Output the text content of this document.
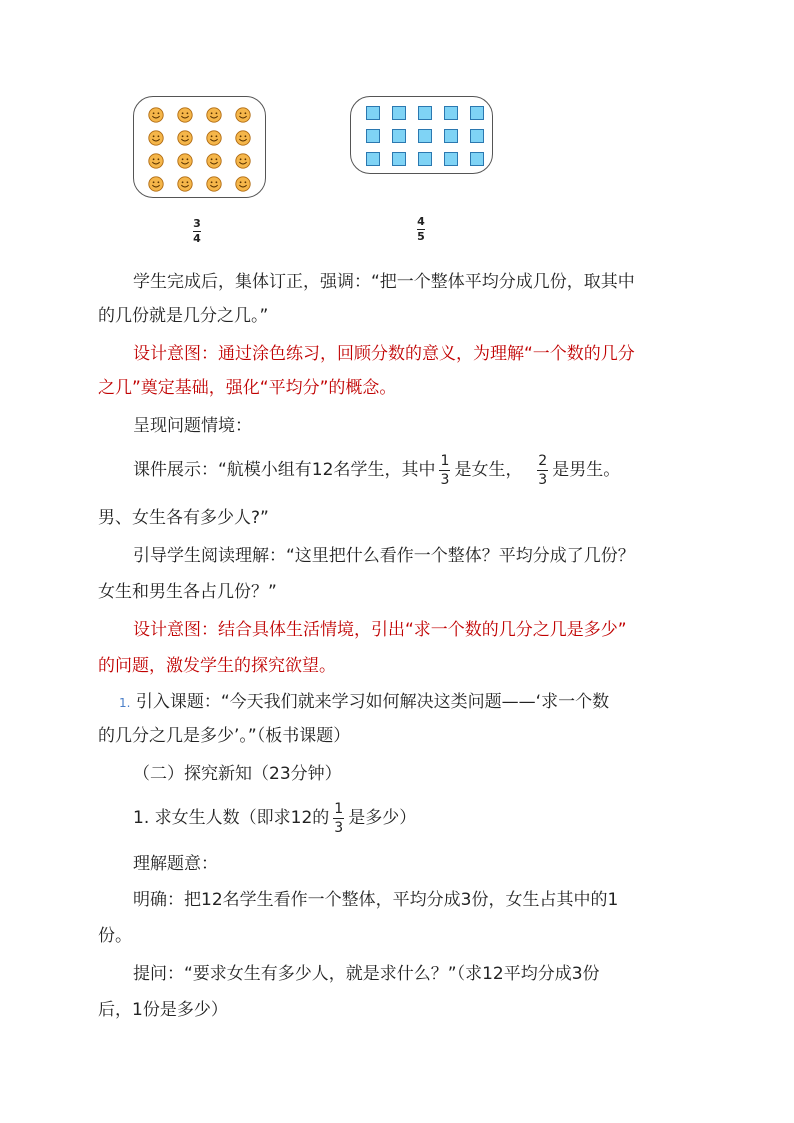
3
4
4
5

学生完成后，集体订正，强调：“把一个整体平均分成几份，取其中

的几份就是几分之几。”

设计意图：通过涂色练习，回顾分数的意义，为理解“一个数的几分

之几”奠定基础，强化“平均分”的概念。

呈现问题情境：

课件展示：“航模小组有12名学生，其中 $\frac{1}{3}$ 是女生， $\frac{2}{3}$ 是男生。

男、女生各有多少人?”

引导学生阅读理解：“这里把什么看作一个整体？平均分成了几份？

女生和男生各占几份？”

设计意图：结合具体生活情境，引出“求一个数的几分之几是多少”

的问题，激发学生的探究欲望。

1. 引入课题：“今天我们就来学习如何解决这类问题——‘求一个数

的几分之几是多少’。”（板书课题）

（二）探究新知（23分钟）

1. 求女生人数（即求12的 $\frac{1}{3}$ 是多少）

理解题意：

明确：把12名学生看作一个整体，平均分成3份，女生占其中的1

份。

提问：“要求女生有多少人，就是求什么？”（求12平均分成3份

后，1份是多少）
